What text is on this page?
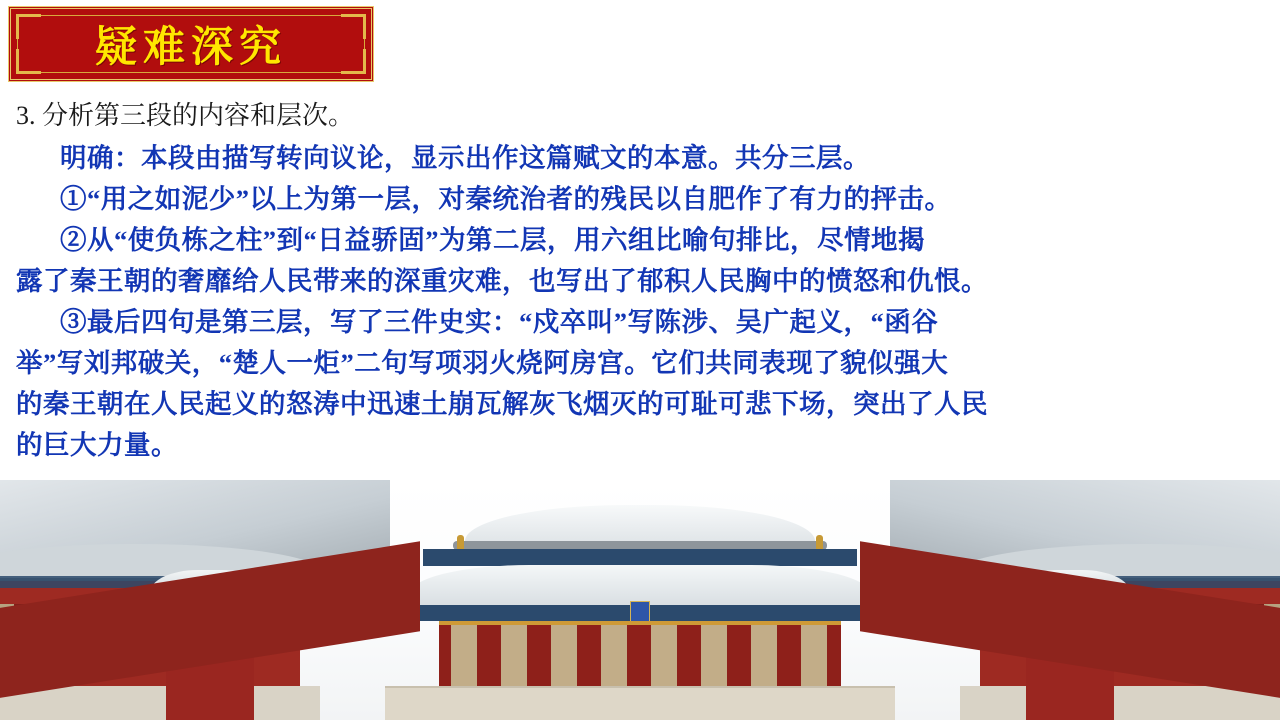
疑难深究
3. 分析第三段的内容和层次。
明确：本段由描写转向议论，显示出作这篇赋文的本意。共分三层。
①“用之如泥少”以上为第一层，对秦统治者的残民以自肥作了有力的抨击。
②从“使负栋之柱”到“日益骄固”为第二层，用六组比喻句排比，尽情地揭
露了秦王朝的奢靡给人民带来的深重灾难，也写出了郁积人民胸中的愤怒和仇恨。
③最后四句是第三层，写了三件史实：“戍卒叫”写陈涉、吴广起义，“函谷
举”写刘邦破关，“楚人一炬”二句写项羽火烧阿房宫。它们共同表现了貌似强大
的秦王朝在人民起义的怒涛中迅速土崩瓦解灰飞烟灭的可耻可悲下场，突出了人民
的巨大力量。
